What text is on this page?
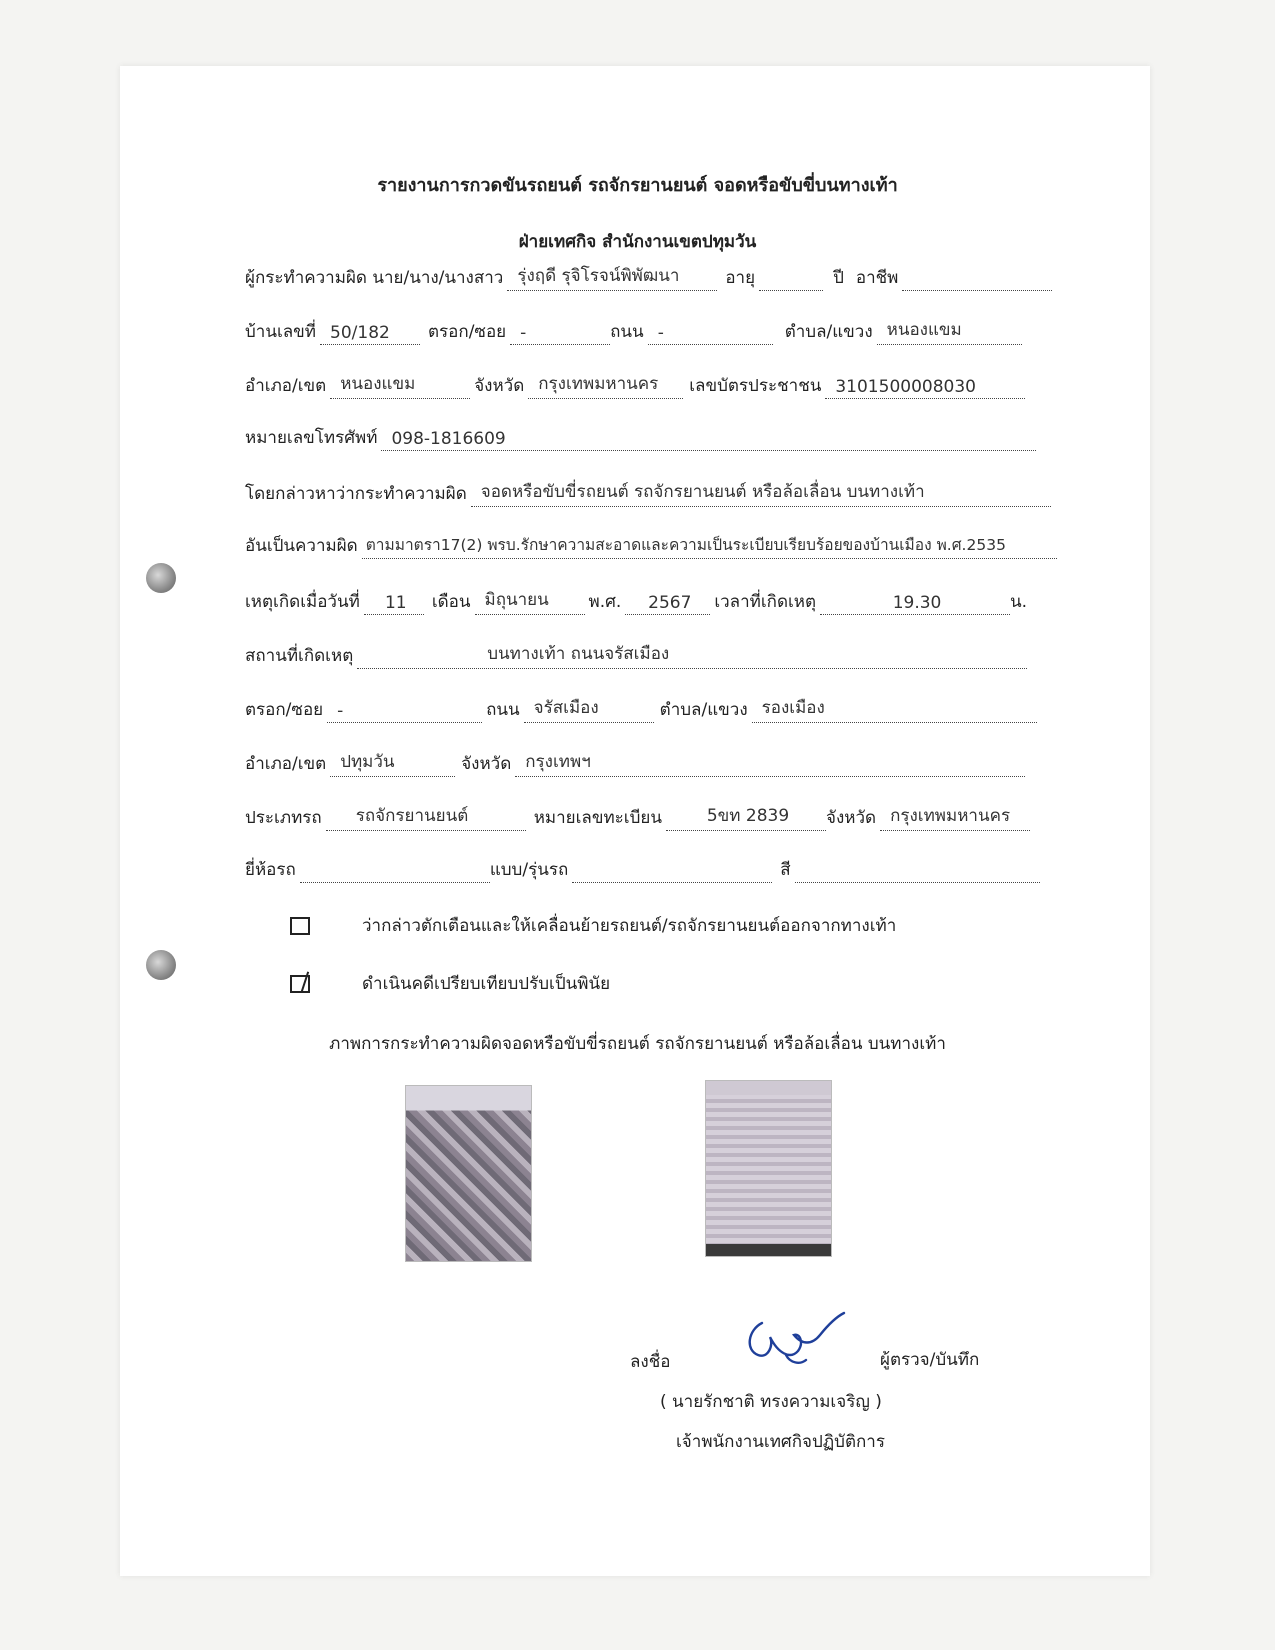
รายงานการกวดขันรถยนต์ รถจักรยานยนต์ จอดหรือขับขี่บนทางเท้า
ฝ่ายเทศกิจ สำนักงานเขตปทุมวัน
ผู้กระทำความผิด นาย/นาง/นางสาว รุ่งฤดี รุจิโรจน์พิพัฒนา	อายุ	ปี อาชีพ
บ้านเลขที่ 50/182	ตรอก/ซอย -	ถนน -	ตำบล/แขวง หนองแขม
อำเภอ/เขต หนองแขม	จังหวัด กรุงเทพมหานคร	เลขบัตรประชาชน 3101500008030
หมายเลขโทรศัพท์ 098-1816609
โดยกล่าวหาว่ากระทำความผิด จอดหรือขับขี่รถยนต์ รถจักรยานยนต์ หรือล้อเลื่อน บนทางเท้า
อันเป็นความผิด ตามมาตรา17(2) พรบ.รักษาความสะอาดและความเป็นระเบียบเรียบร้อยของบ้านเมือง พ.ศ.2535
เหตุเกิดเมื่อวันที่	11	เดือน มิถุนายน	พ.ศ.	2567	เวลาที่เกิดเหตุ	19.30	น.
สถานที่เกิดเหตุ	บนทางเท้า ถนนจรัสเมือง
ตรอก/ซอย -	ถนน จรัสเมือง	ตำบล/แขวง รองเมือง
อำเภอ/เขต ปทุมวัน	จังหวัด กรุงเทพฯ
ประเภทรถ	รถจักรยานยนต์	หมายเลขทะเบียน	5ขท 2839	จังหวัด กรุงเทพมหานคร
ยี่ห้อรถ	แบบ/รุ่นรถ	สี
ว่ากล่าวตักเตือนและให้เคลื่อนย้ายรถยนต์/รถจักรยานยนต์ออกจากทางเท้า
ดำเนินคดีเปรียบเทียบปรับเป็นพินัย
ภาพการกระทำความผิดจอดหรือขับขี่รถยนต์ รถจักรยานยนต์ หรือล้อเลื่อน บนทางเท้า
ลงชื่อ	ผู้ตรวจ/บันทึก
( นายรักชาติ ทรงความเจริญ )
เจ้าพนักงานเทศกิจปฏิบัติการ
